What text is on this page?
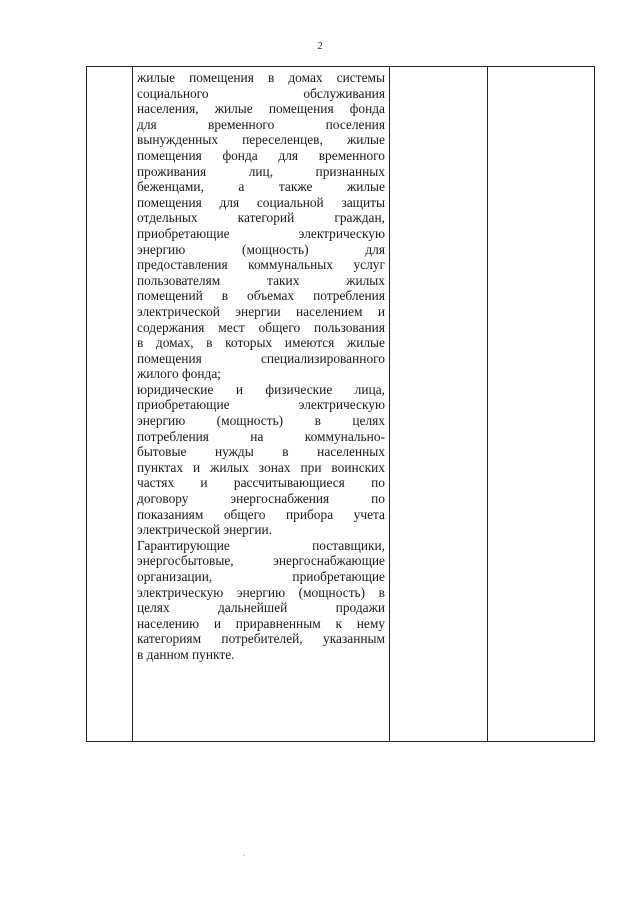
2

жилые помещения в домах системы
социального обслуживания
населения, жилые помещения фонда
для временного поселения
вынужденных переселенцев, жилые
помещения фонда для временного
проживания лиц, признанных
беженцами, а также жилые
помещения для социальной защиты
отдельных категорий граждан,
приобретающие электрическую
энергию (мощность) для
предоставления коммунальных услуг
пользователям таких жилых
помещений в объемах потребления
электрической энергии населением и
содержания мест общего пользования
в домах, в которых имеются жилые
помещения специализированного
жилого фонда;
юридические и физические лица,
приобретающие электрическую
энергию (мощность) в целях
потребления на коммунально-
бытовые нужды в населенных
пунктах и жилых зонах при воинских
частях и рассчитывающиеся по
договору энергоснабжения по
показаниям общего прибора учета
электрической энергии.
Гарантирующие поставщики,
энергосбытовые, энергоснабжающие
организации, приобретающие
электрическую энергию (мощность) в
целях дальнейшей продажи
населению и приравненным к нему
категориям потребителей, указанным
в данном пункте.

.
